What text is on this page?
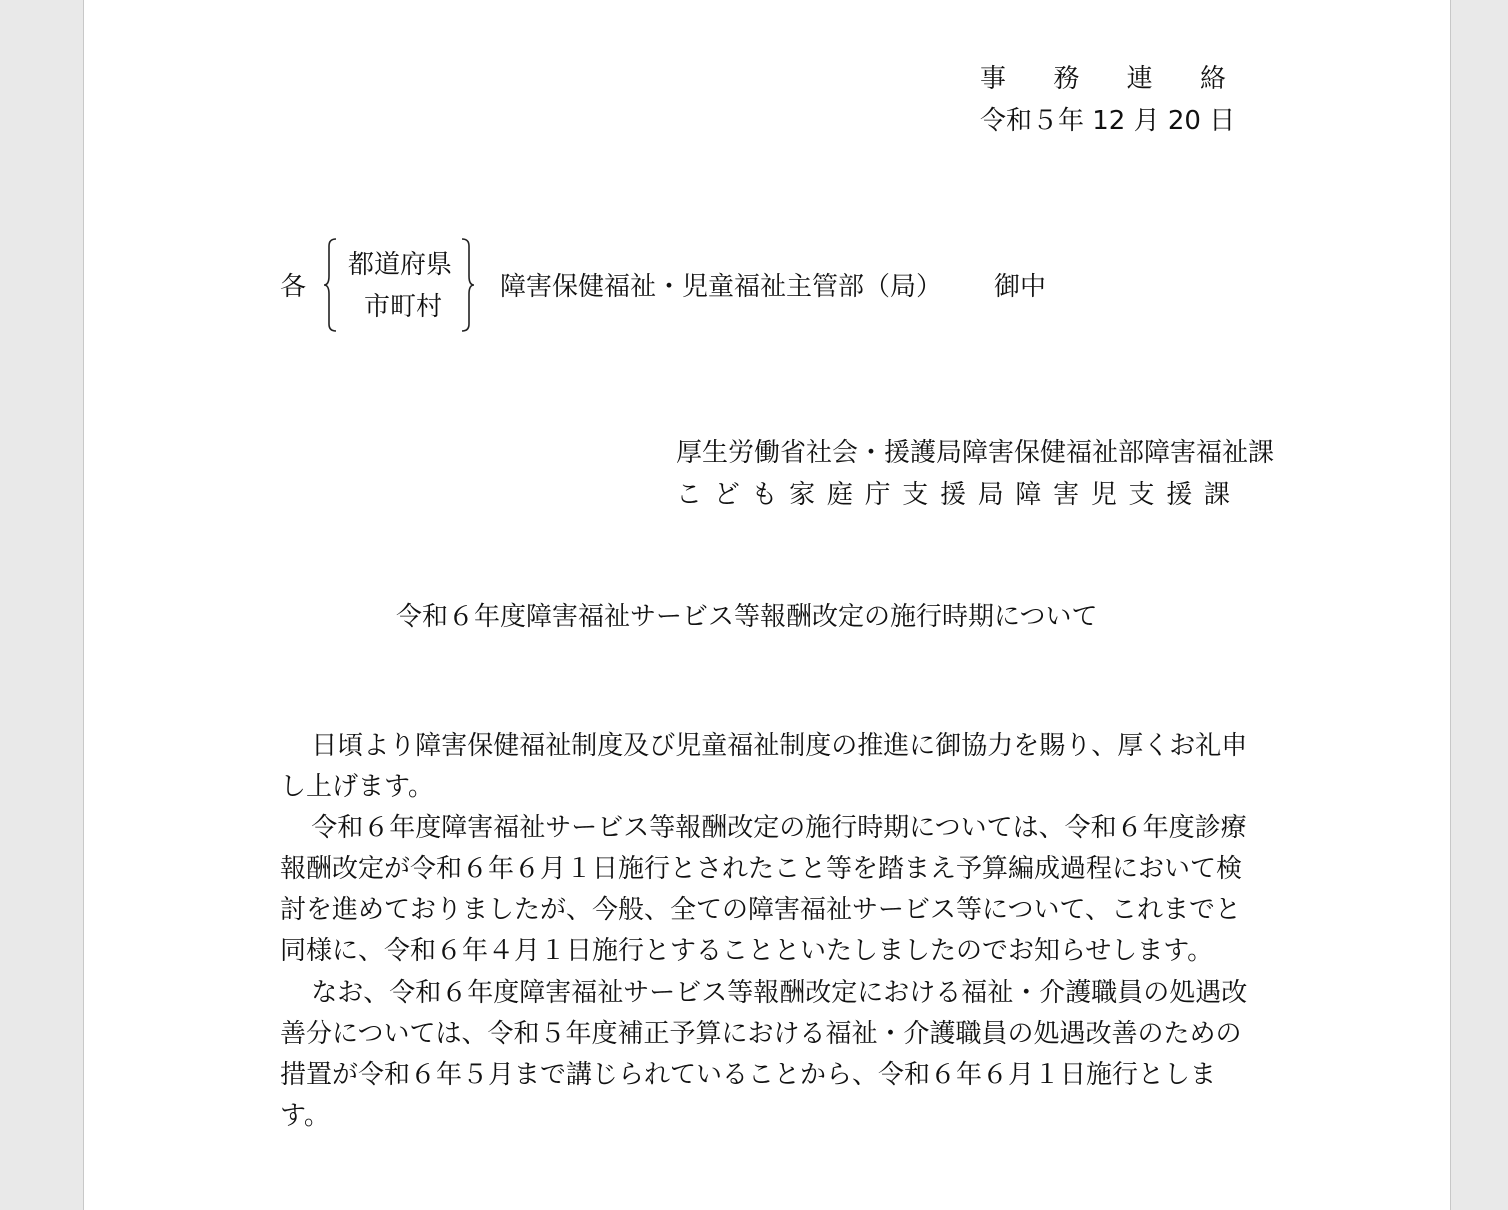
事務連絡
令和５年 12 月 20 日
各
都道府県
市町村
障害保健福祉・児童福祉主管部（局） 御中
厚生労働省社会・援護局障害保健福祉部障害福祉課
こども家庭庁支援局障害児支援課
令和６年度障害福祉サービス等報酬改定の施行時期について

日頃より障害保健福祉制度及び児童福祉制度の推進に御協力を賜り、厚くお礼申し上げます。

令和６年度障害福祉サービス等報酬改定の施行時期については、令和６年度診療報酬改定が令和６年６月１日施行とされたこと等を踏まえ予算編成過程において検討を進めておりましたが、今般、全ての障害福祉サービス等について、これまでと同様に、令和６年４月１日施行とすることといたしましたのでお知らせします。

なお、令和６年度障害福祉サービス等報酬改定における福祉・介護職員の処遇改善分については、令和５年度補正予算における福祉・介護職員の処遇改善のための措置が令和６年５月まで講じられていることから、令和６年６月１日施行とします。
